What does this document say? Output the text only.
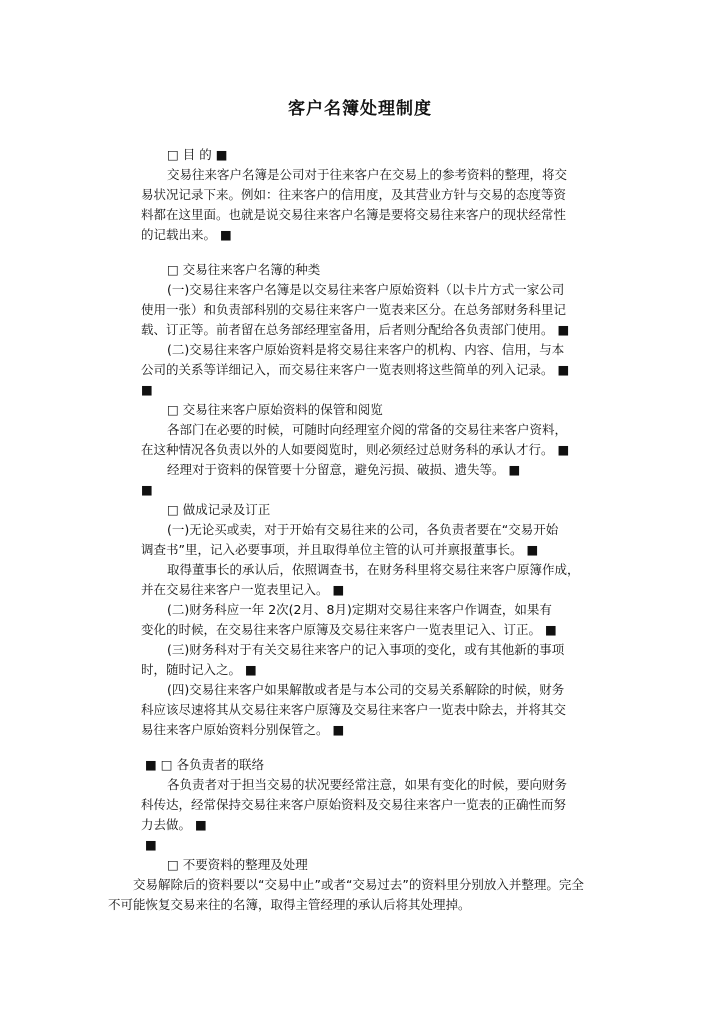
客户名簿处理制度
□ 目 的 ■
交易往来客户名簿是公司对于往来客户在交易上的参考资料的整理，将交
易状况记录下来。例如：往来客户的信用度，及其营业方针与交易的态度等资
料都在这里面。也就是说交易往来客户名簿是要将交易往来客户的现状经常性
的记载出来。 ■
□ 交易往来客户名簿的种类
(一)交易往来客户名簿是以交易往来客户原始资料（以卡片方式一家公司
使用一张）和负责部科别的交易往来客户一览表来区分。在总务部财务科里记
载、订正等。前者留在总务部经理室备用，后者则分配给各负责部门使用。 ■
(二)交易往来客户原始资料是将交易往来客户的机构、内容、信用，与本
公司的关系等详细记入，而交易往来客户一览表则将这些简单的列入记录。 ■
■
□ 交易往来客户原始资料的保管和阅览
各部门在必要的时候，可随时向经理室介阅的常备的交易往来客户资料，
在这种情况各负责以外的人如要阅览时，则必须经过总财务科的承认才行。 ■
经理对于资料的保管要十分留意，避免污损、破损、遗失等。 ■
■
□ 做成记录及订正
(一)无论买或卖，对于开始有交易往来的公司，各负责者要在“交易开始
调查书”里，记入必要事项，并且取得单位主管的认可并禀报董事长。 ■
取得董事长的承认后，依照调查书，在财务科里将交易往来客户原簿作成，
并在交易往来客户一览表里记入。 ■
(二)财务科应一年 2次(2月、8月)定期对交易往来客户作调查，如果有
变化的时候，在交易往来客户原簿及交易往来客户一览表里记入、订正。 ■
(三)财务科对于有关交易往来客户的记入事项的变化，或有其他新的事项
时，随时记入之。 ■
(四)交易往来客户如果解散或者是与本公司的交易关系解除的时候，财务
科应该尽速将其从交易往来客户原簿及交易往来客户一览表中除去，并将其交
易往来客户原始资料分别保管之。 ■
■ □ 各负责者的联络
各负责者对于担当交易的状况要经常注意，如果有变化的时候，要向财务
科传达，经常保持交易往来客户原始资料及交易往来客户一览表的正确性而努
力去做。 ■
■
□ 不要资料的整理及处理
交易解除后的资料要以“交易中止”或者“交易过去”的资料里分别放入并整理。完全
不可能恢复交易来往的名簿，取得主管经理的承认后将其处理掉。
